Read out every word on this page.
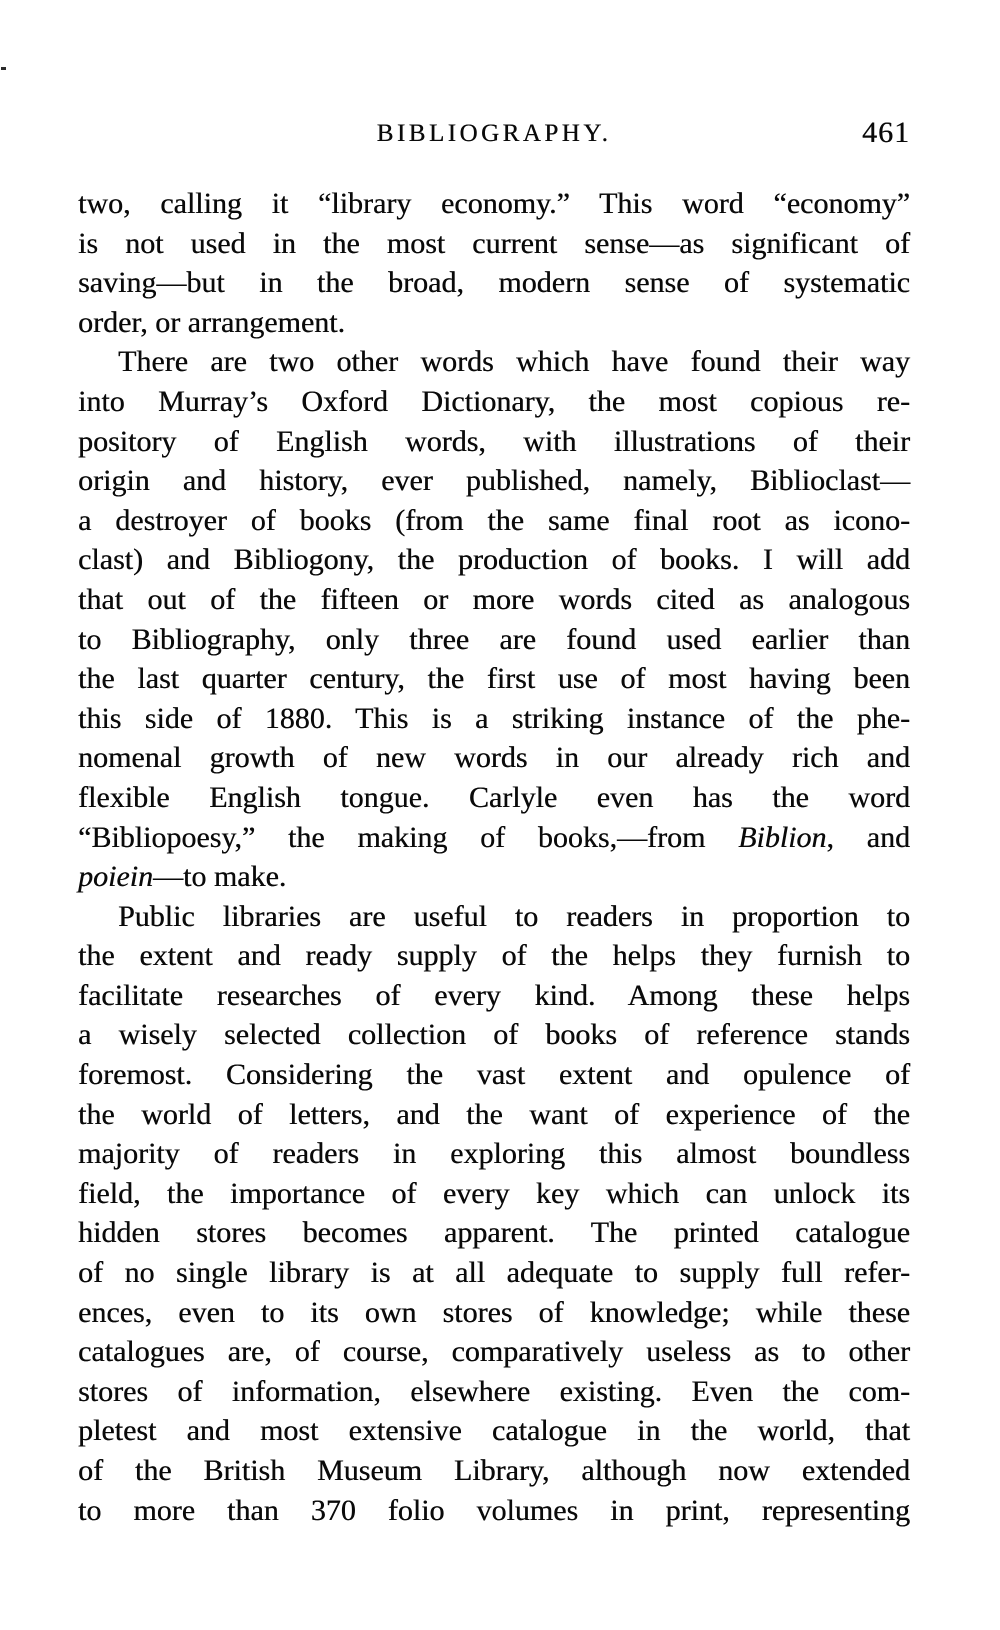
BIBLIOGRAPHY.	461
two, calling it “library economy.” This word “economy”
is not used in the most current sense—as significant of
saving—but in the broad, modern sense of systematic
order, or arrangement.
There are two other words which have found their way
into Murray’s Oxford Dictionary, the most copious re-
pository of English words, with illustrations of their
origin and history, ever published, namely, Biblioclast—
a destroyer of books (from the same final root as icono-
clast) and Bibliogony, the production of books. I will add
that out of the fifteen or more words cited as analogous
to Bibliography, only three are found used earlier than
the last quarter century, the first use of most having been
this side of 1880. This is a striking instance of the phe-
nomenal growth of new words in our already rich and
flexible English tongue. Carlyle even has the word
“Bibliopoesy,” the making of books,—from Biblion, and
poiein—to make.
Public libraries are useful to readers in proportion to
the extent and ready supply of the helps they furnish to
facilitate researches of every kind. Among these helps
a wisely selected collection of books of reference stands
foremost. Considering the vast extent and opulence of
the world of letters, and the want of experience of the
majority of readers in exploring this almost boundless
field, the importance of every key which can unlock its
hidden stores becomes apparent. The printed catalogue
of no single library is at all adequate to supply full refer-
ences, even to its own stores of knowledge; while these
catalogues are, of course, comparatively useless as to other
stores of information, elsewhere existing. Even the com-
pletest and most extensive catalogue in the world, that
of the British Museum Library, although now extended
to more than 370 folio volumes in print, representing
